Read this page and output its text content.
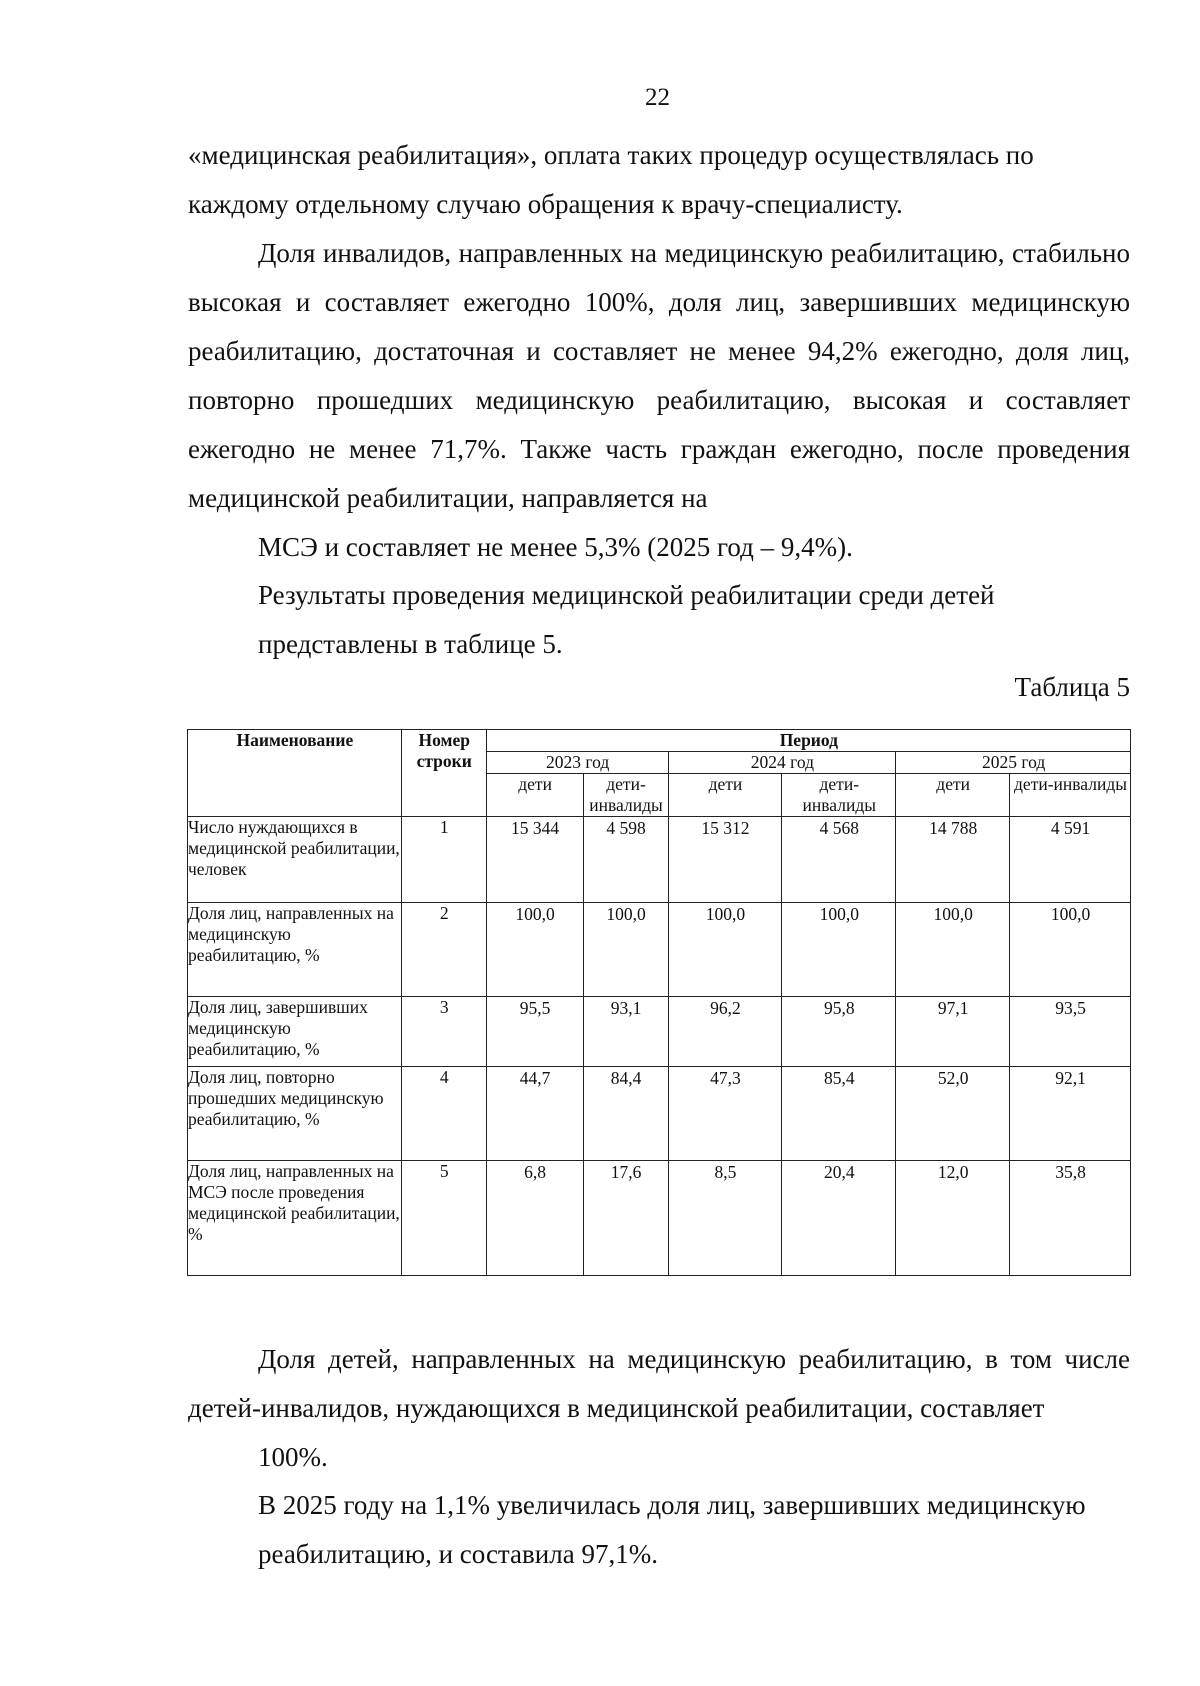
22

«медицинская реабилитация», оплата таких процедур осуществлялась по
каждому отдельному случаю обращения к врачу-специалисту.

Доля инвалидов, направленных на медицинскую реабилитацию, стабильно высокая и составляет ежегодно 100%, доля лиц, завершивших медицинскую реабилитацию, достаточная и составляет не менее 94,2% ежегодно, доля лиц, повторно прошедших медицинскую реабилитацию, высокая и составляет ежегодно не менее 71,7%. Также часть граждан ежегодно, после проведения медицинской реабилитации, направляется на
МСЭ и составляет не менее 5,3% (2025 год – 9,4%).

Результаты проведения медицинской реабилитации среди детей
представлены в таблице 5.

Таблица 5
Наименование	Номер строки	Период					
		2023 год		2024 год		2025 год	
		дети	дети-инвалиды	дети	дети-инвалиды	дети	дети-инвалиды
Число нуждающихся в медицинской реабилитации, человек	1	15 344	4 598	15 312	4 568	14 788	4 591
Доля лиц, направленных на медицинскую реабилитацию, %	2	100,0	100,0	100,0	100,0	100,0	100,0
Доля лиц, завершивших медицинскую реабилитацию, %	3	95,5	93,1	96,2	95,8	97,1	93,5
Доля лиц, повторно прошедших медицинскую реабилитацию, %	4	44,7	84,4	47,3	85,4	52,0	92,1
Доля лиц, направленных на МСЭ после проведения медицинской реабилитации, %	5	6,8	17,6	8,5	20,4	12,0	35,8

Доля детей, направленных на медицинскую реабилитацию, в том числе детей-инвалидов, нуждающихся в медицинской реабилитации, составляет
100%.

В 2025 году на 1,1% увеличилась доля лиц, завершивших медицинскую
реабилитацию, и составила 97,1%.
